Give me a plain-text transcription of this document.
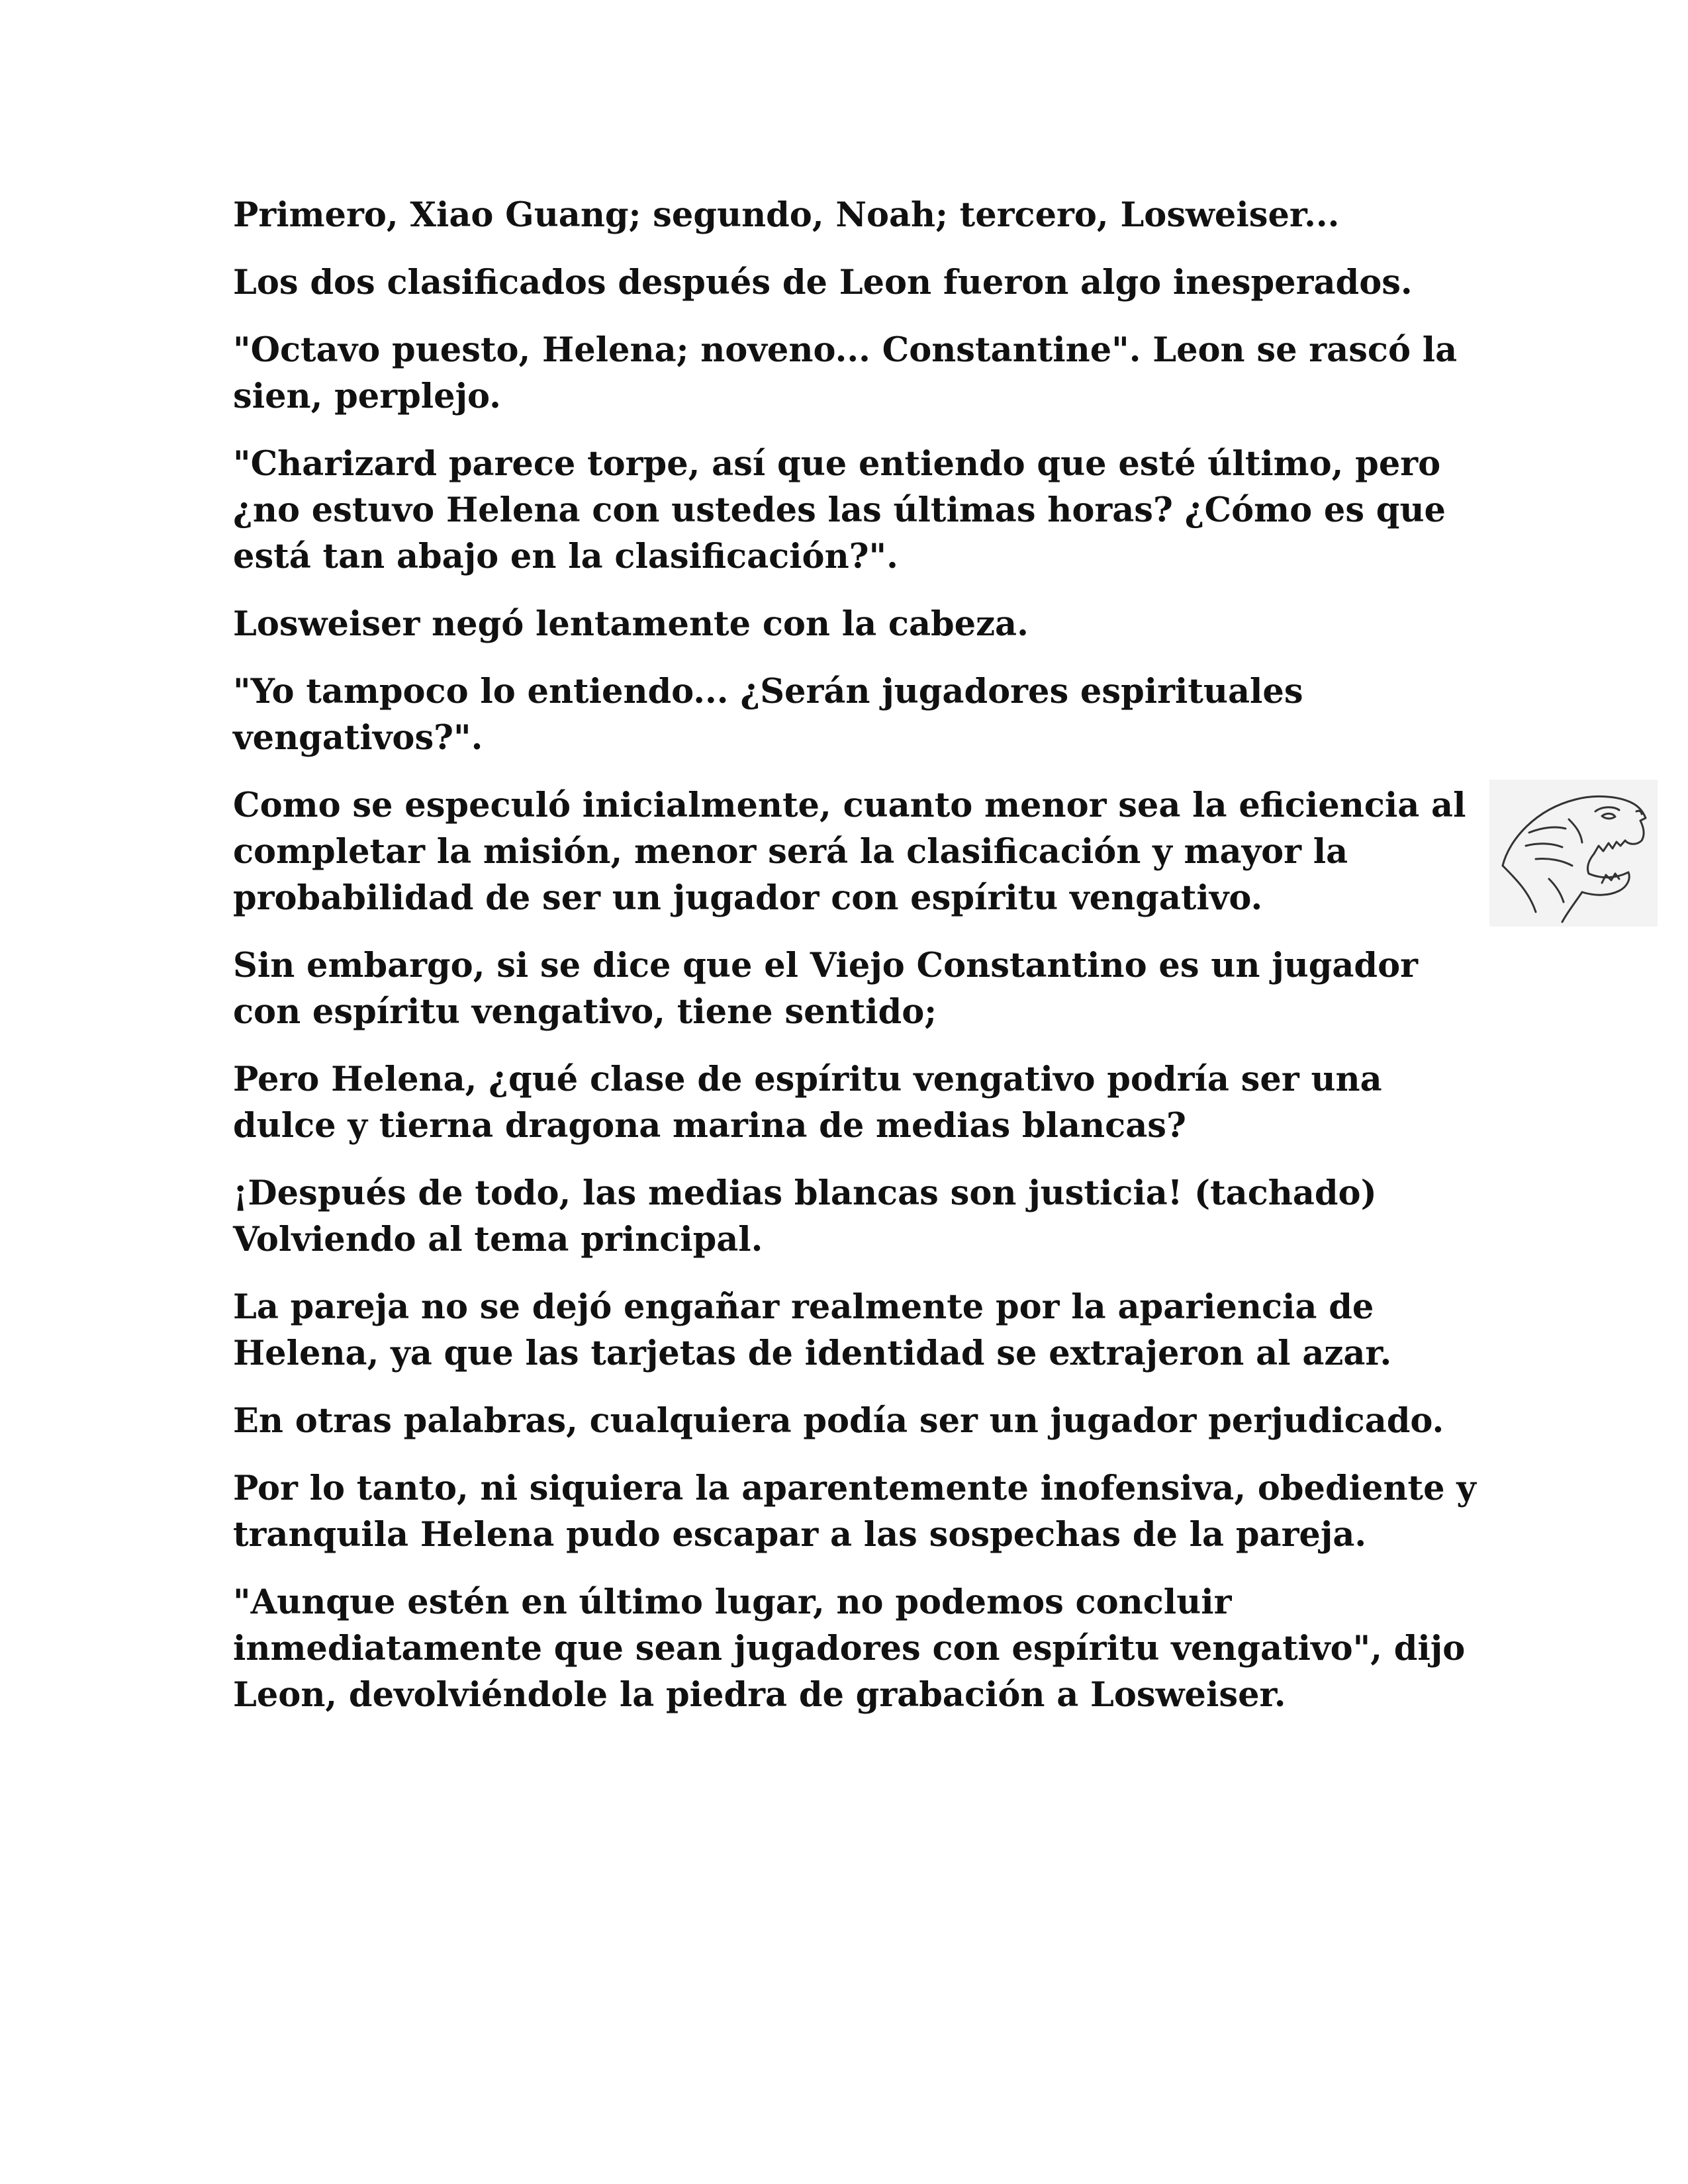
Primero, Xiao Guang; segundo, Noah; tercero, Losweiser...

Los dos clasificados después de Leon fueron algo inesperados.

"Octavo puesto, Helena; noveno... Constantine". Leon se rascó la sien, perplejo.

"Charizard parece torpe, así que entiendo que esté último, pero ¿no estuvo Helena con ustedes las últimas horas? ¿Cómo es que está tan abajo en la clasificación?".

Losweiser negó lentamente con la cabeza.

"Yo tampoco lo entiendo... ¿Serán jugadores espirituales vengativos?".

Como se especuló inicialmente, cuanto menor sea la eficiencia al completar la misión, menor será la clasificación y mayor la probabilidad de ser un jugador con espíritu vengativo.

Sin embargo, si se dice que el Viejo Constantino es un jugador con espíritu vengativo, tiene sentido;

Pero Helena, ¿qué clase de espíritu vengativo podría ser una dulce y tierna dragona marina de medias blancas?

¡Después de todo, las medias blancas son justicia! (tachado) Volviendo al tema principal.

La pareja no se dejó engañar realmente por la apariencia de Helena, ya que las tarjetas de identidad se extrajeron al azar.

En otras palabras, cualquiera podía ser un jugador perjudicado.

Por lo tanto, ni siquiera la aparentemente inofensiva, obediente y tranquila Helena pudo escapar a las sospechas de la pareja.

"Aunque estén en último lugar, no podemos concluir inmediatamente que sean jugadores con espíritu vengativo", dijo Leon, devolviéndole la piedra de grabación a Losweiser.
